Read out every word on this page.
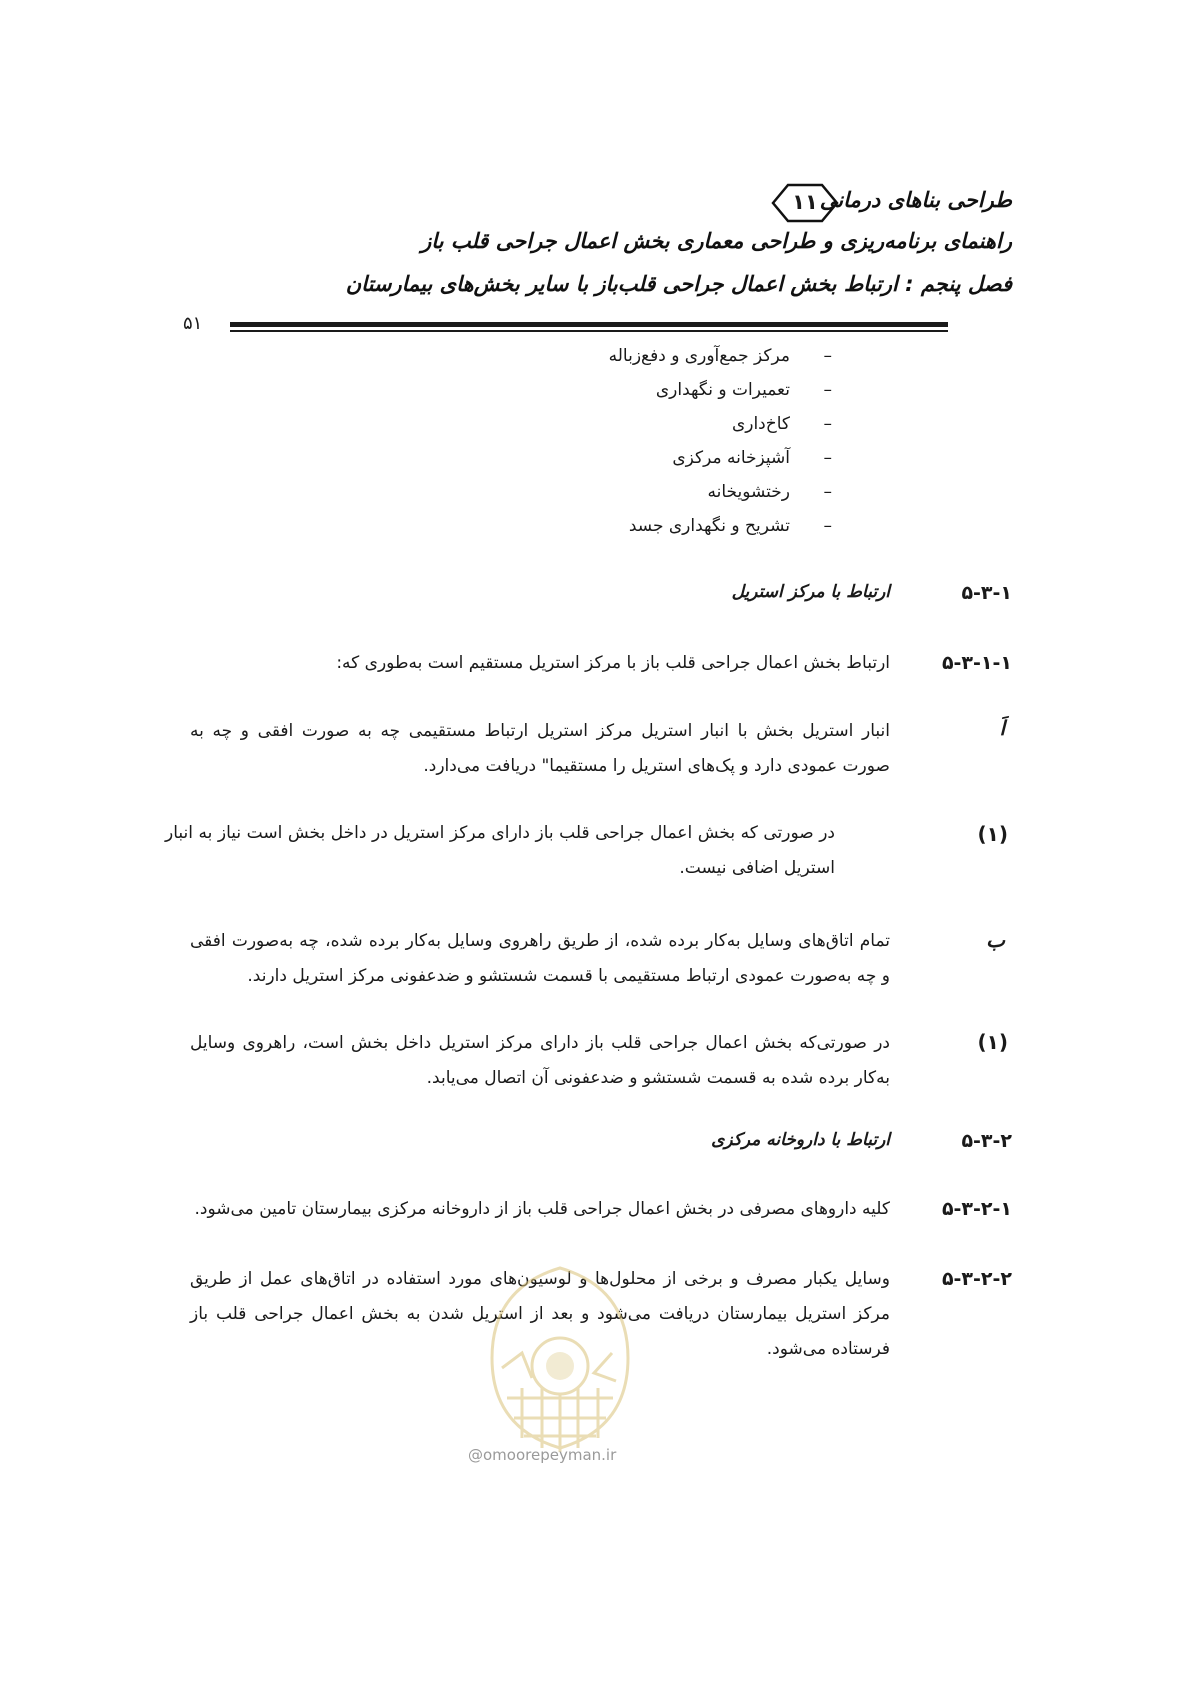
طراحی بناهای درمانی
۱۱
راهنمای برنامه‌ریزی و طراحی معماری بخش اعمال جراحی قلب باز
فصل پنجم : ارتباط بخش اعمال جراحی قلب‌باز با سایر بخش‌های بیمارستان
۵۱
–مرکز جمع‌آوری و دفع‌زباله
–تعمیرات و نگهداری
–کاخ‌داری
–آشپزخانه مرکزی
–رختشویخانه
–تشریح و نگهداری جسد
۵-۳-۱
ارتباط با مرکز استریل
۵-۳-۱-۱
ارتباط بخش اعمال جراحی قلب باز با مرکز استریل مستقیم است به‌طوری که:
اَ
انبار استریل بخش با انبار استریل مرکز استریل ارتباط مستقیمی چه به صورت افقی و چه به صورت عمودی دارد و پک‌های استریل را مستقیما" دریافت می‌دارد.
(۱)
در صورتی که بخش اعمال جراحی قلب باز دارای مرکز استریل در داخل بخش است نیاز به انبار استریل اضافی نیست.
ب
تمام اتاق‌های وسایل به‌کار برده شده، از طریق راهروی وسایل به‌کار برده شده، چه به‌صورت افقی و چه به‌صورت عمودی ارتباط مستقیمی با قسمت شستشو و ضدعفونی مرکز استریل دارند.
(۱)
در صورتی‌که بخش اعمال جراحی قلب باز دارای مرکز استریل داخل بخش است، راهروی وسایل به‌کار برده شده به قسمت شستشو و ضدعفونی آن اتصال می‌یابد.
۵-۳-۲
ارتباط با داروخانه مرکزی
۵-۳-۲-۱
کلیه داروهای مصرفی در بخش اعمال جراحی قلب باز از داروخانه مرکزی بیمارستان تامین می‌شود.
۵-۳-۲-۲
وسایل یکبار مصرف و برخی از محلول‌ها و لوسیون‌های مورد استفاده در اتاق‌های عمل از طریق مرکز استریل بیمارستان دریافت می‌شود و بعد از استریل شدن به بخش اعمال جراحی قلب باز فرستاده می‌شود.
@omoorepeyman.ir
